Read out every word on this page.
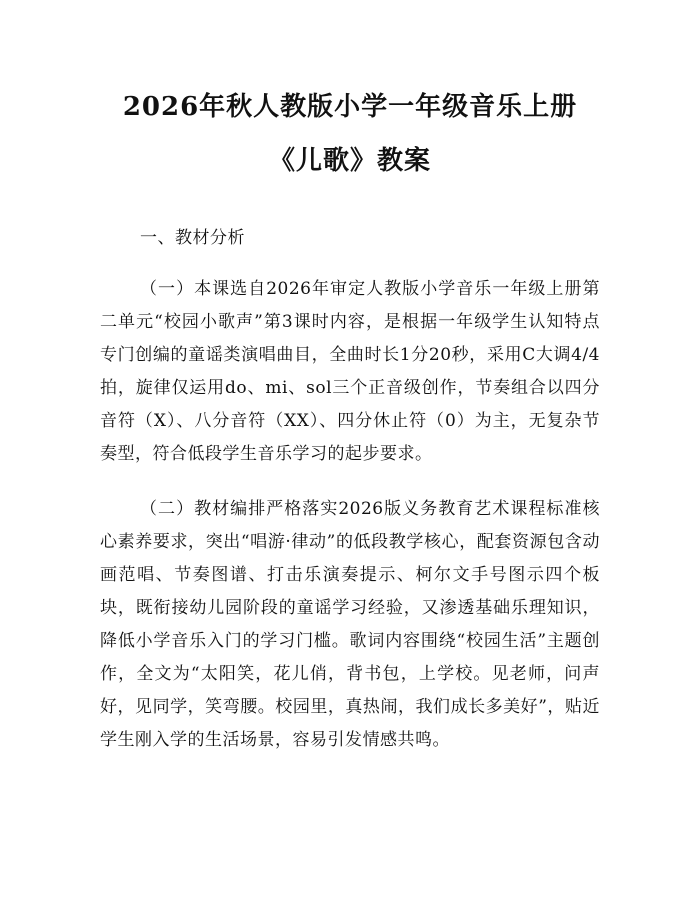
2026年秋人教版小学一年级音乐上册《儿歌》教案

一、教材分析

（一）本课选自2026年审定人教版小学音乐一年级上册第二单元“校园小歌声”第3课时内容，是根据一年级学生认知特点专门创编的童谣类演唱曲目，全曲时长1分20秒，采用C大调4/4拍，旋律仅运用do、mi、sol三个正音级创作，节奏组合以四分音符（X）、八分音符（XX）、四分休止符（0）为主，无复杂节奏型，符合低段学生音乐学习的起步要求。

（二）教材编排严格落实2026版义务教育艺术课程标准核心素养要求，突出“唱游·律动”的低段教学核心，配套资源包含动画范唱、节奏图谱、打击乐演奏提示、柯尔文手号图示四个板块，既衔接幼儿园阶段的童谣学习经验，又渗透基础乐理知识，降低小学音乐入门的学习门槛。歌词内容围绕“校园生活”主题创作，全文为“太阳笑，花儿俏，背书包，上学校。见老师，问声好，见同学，笑弯腰。校园里，真热闹，我们成长多美好”，贴近学生刚入学的生活场景，容易引发情感共鸣。
